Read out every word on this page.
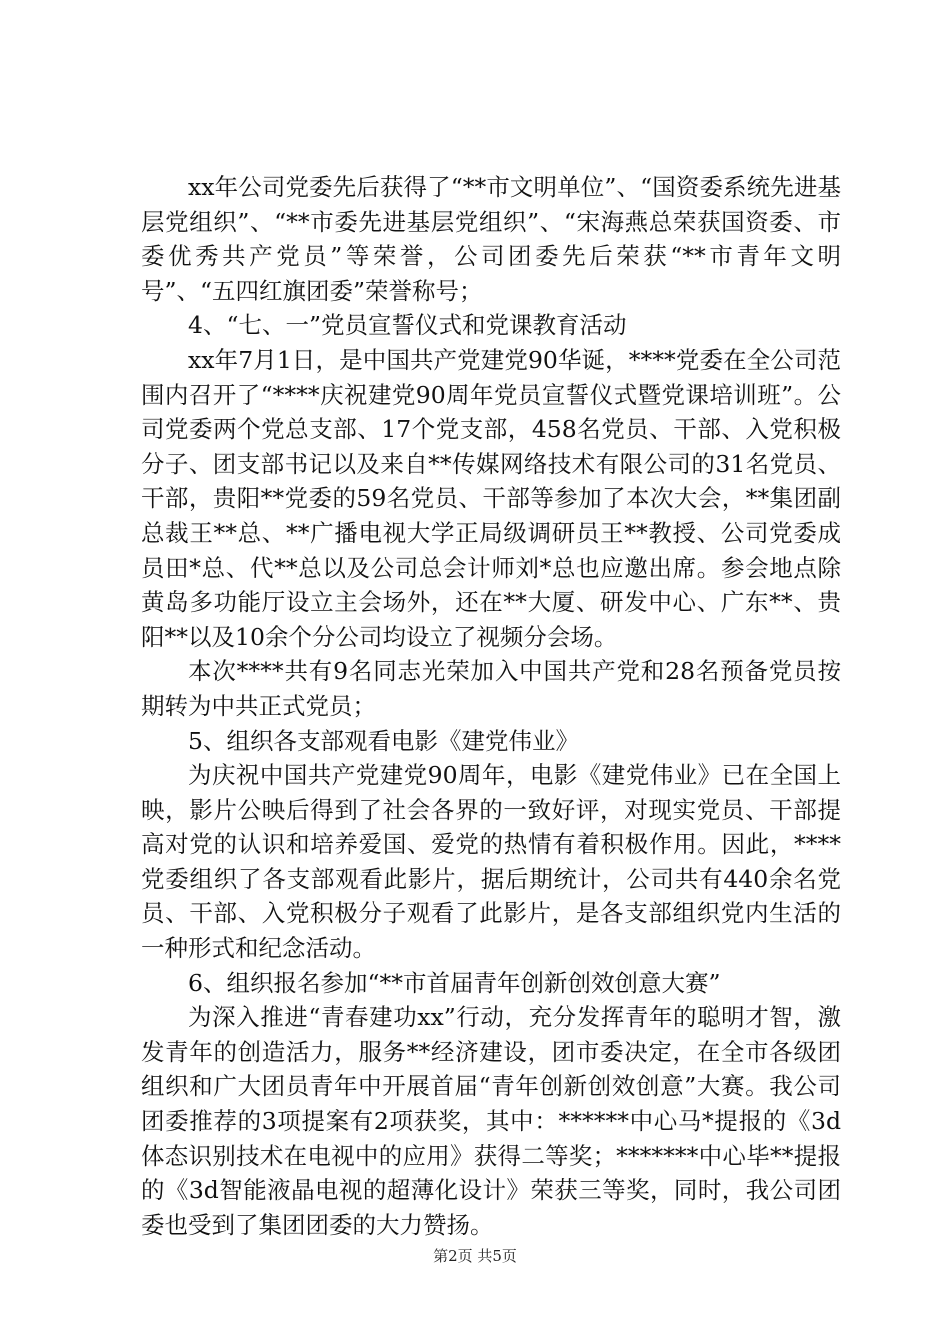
xx年公司党委先后获得了“**市文明单位”、“国资委系统先进基层党组织”、“**市委先进基层党组织”、“宋海燕总荣获国资委、市委优秀共产党员”等荣誉，公司团委先后荣获“**市青年文明号”、“五四红旗团委”荣誉称号；

4、“七、一”党员宣誓仪式和党课教育活动

xx年7月1日，是中国共产党建党90华诞，****党委在全公司范围内召开了“****庆祝建党90周年党员宣誓仪式暨党课培训班”。公司党委两个党总支部、17个党支部，458名党员、干部、入党积极分子、团支部书记以及来自**传媒网络技术有限公司的31名党员、干部，贵阳**党委的59名党员、干部等参加了本次大会，**集团副总裁王**总、**广播电视大学正局级调研员王**教授、公司党委成员田*总、代**总以及公司总会计师刘*总也应邀出席。参会地点除黄岛多功能厅设立主会场外，还在**大厦、研发中心、广东**、贵阳**以及10余个分公司均设立了视频分会场。

本次****共有9名同志光荣加入中国共产党和28名预备党员按期转为中共正式党员；

5、组织各支部观看电影《建党伟业》

为庆祝中国共产党建党90周年，电影《建党伟业》已在全国上映，影片公映后得到了社会各界的一致好评，对现实党员、干部提高对党的认识和培养爱国、爱党的热情有着积极作用。因此，****党委组织了各支部观看此影片，据后期统计，公司共有440余名党员、干部、入党积极分子观看了此影片，是各支部组织党内生活的一种形式和纪念活动。

6、组织报名参加“**市首届青年创新创效创意大赛”

为深入推进“青春建功xx”行动，充分发挥青年的聪明才智，激发青年的创造活力，服务**经济建设，团市委决定，在全市各级团组织和广大团员青年中开展首届“青年创新创效创意”大赛。我公司团委推荐的3项提案有2项获奖，其中：******中心马*提报的《3d体态识别技术在电视中的应用》获得二等奖；*******中心毕**提报的《3d智能液晶电视的超薄化设计》荣获三等奖，同时，我公司团委也受到了集团团委的大力赞扬。

第2页 共5页
